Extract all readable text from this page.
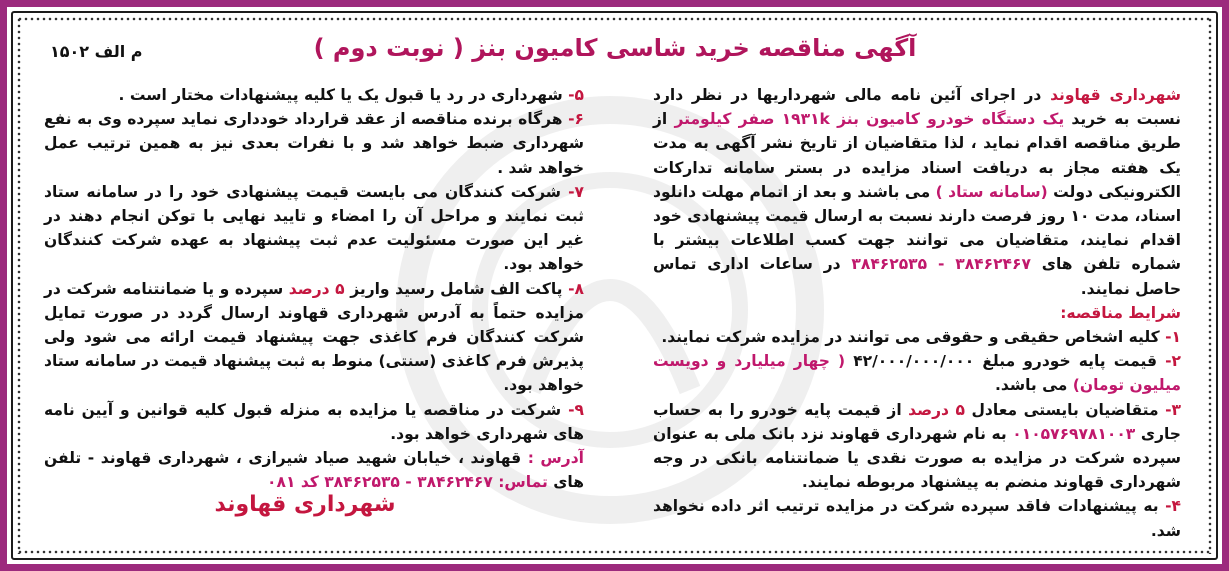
آگهی مناقصه خرید شاسی کامیون بنز ( نوبت دوم )
م الف ۱۵۰۲

شهرداری قهاوند در اجرای آئین نامه مالی شهرداریها در نظر دارد نسبت به خرید یک دستگاه خودرو کامیون بنز ۱۹۳۱k صفر کیلومتر از طریق مناقصه اقدام نماید ، لذا متقاضیان از تاریخ نشر آگهی به مدت یک هفته مجاز به دریافت اسناد مزایده در بستر سامانه تدارکات الکترونیکی دولت (سامانه ستاد ) می باشند و بعد از اتمام مهلت دانلود اسناد، مدت ۱۰ روز فرصت دارند نسبت به ارسال قیمت پیشنهادی خود اقدام نمایند، متقاضیان می توانند جهت کسب اطلاعات بیشتر با شماره تلفن های ۳۸۴۶۲۴۶۷ - ۳۸۴۶۲۵۳۵ در ساعات اداری تماس حاصل نمایند.

شرایط مناقصه:

۱- کلیه اشخاص حقیقی و حقوقی می توانند در مزایده شرکت نمایند.

۲- قیمت پایه خودرو مبلغ ۴۲/۰۰۰/۰۰۰/۰۰۰ ( چهار میلیارد و دویست میلیون تومان) می باشد.

۳- متقاضیان بایستی معادل ۵ درصد از قیمت پایه خودرو را به حساب جاری ۰۱۰۵۷۶۹۷۸۱۰۰۳ به نام شهرداری قهاوند نزد بانک ملی به عنوان سپرده شرکت در مزایده به صورت نقدی یا ضمانتنامه بانکی در وجه شهرداری قهاوند منضم به پیشنهاد مربوطه نمایند.

۴- به پیشنهادات فاقد سپرده شرکت در مزایده ترتیب اثر داده نخواهد شد.

۵- شهرداری در رد یا قبول یک یا کلیه پیشنهادات مختار است .

۶- هرگاه برنده مناقصه از عقد قرارداد خودداری نماید سپرده وی به نفع شهرداری ضبط خواهد شد و با نفرات بعدی نیز به همین ترتیب عمل خواهد شد .

۷- شرکت کنندگان می بایست قیمت پیشنهادی خود را در سامانه ستاد ثبت نمایند و مراحل آن را امضاء و تایید نهایی با توکن انجام دهند در غیر این صورت مسئولیت عدم ثبت پیشنهاد به عهده شرکت کنندگان خواهد بود.

۸- پاکت الف شامل رسید واریز ۵ درصد سپرده و یا ضمانتنامه شرکت در مزایده حتماً به آدرس شهرداری قهاوند ارسال گردد در صورت تمایل شرکت کنندگان فرم کاغذی جهت پیشنهاد قیمت ارائه می شود ولی پذیرش فرم کاغذی (سنتی) منوط به ثبت پیشنهاد قیمت در سامانه ستاد خواهد بود.

۹- شرکت در مناقصه یا مزایده به منزله قبول کلیه قوانین و آیین نامه های شهرداری خواهد بود.

آدرس : قهاوند ، خیابان شهید صیاد شیرازی ، شهرداری قهاوند - تلفن های تماس: ۳۸۴۶۲۴۶۷ - ۳۸۴۶۲۵۳۵ کد ۰۸۱

شهرداری قهاوند
